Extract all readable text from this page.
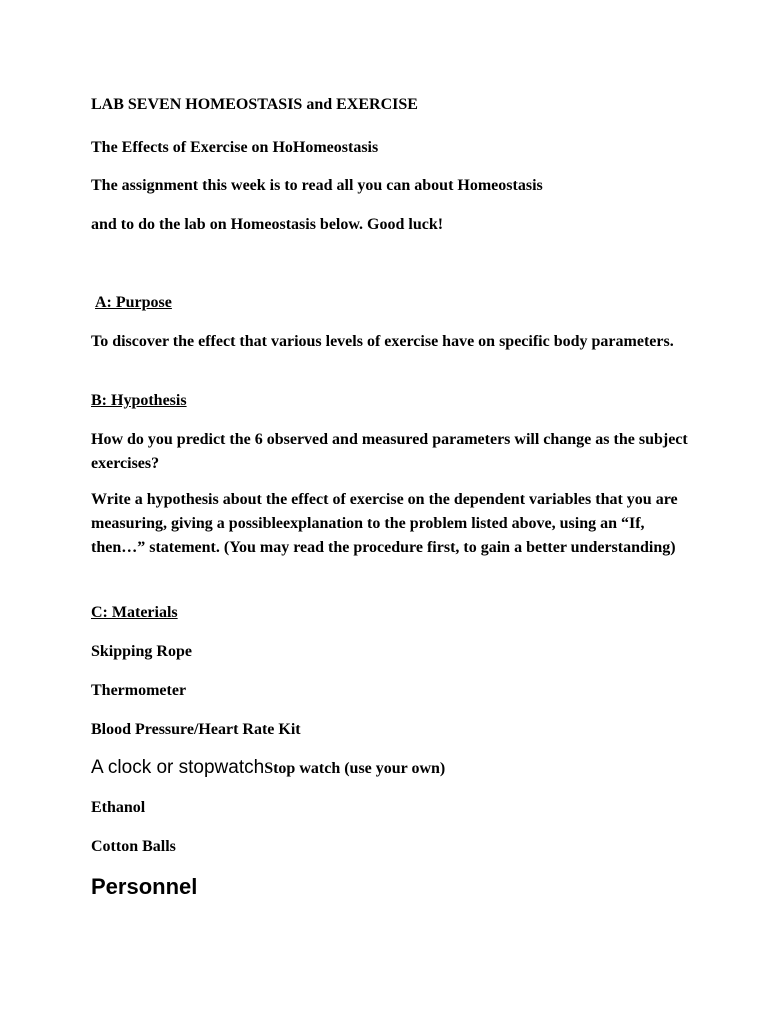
LAB SEVEN HOMEOSTASIS and EXERCISE

The Effects of Exercise on HoHomeostasis

The assignment this week is to read all you can about Homeostasis

and to do the lab on Homeostasis below. Good luck!

A: Purpose

To discover the effect that various levels of exercise have on specific body parameters.

B: Hypothesis

How do you predict the 6 observed and measured parameters will change as the subject exercises?

Write a hypothesis about the effect of exercise on the dependent variables that you are measuring, giving a possibleexplanation to the problem listed above, using an “If, then…” statement. (You may read the procedure first, to gain a better understanding)

C: Materials

Skipping Rope

Thermometer

Blood Pressure/Heart Rate Kit

A clock or stopwatchStop watch (use your own)

Ethanol

Cotton Balls

Personnel
